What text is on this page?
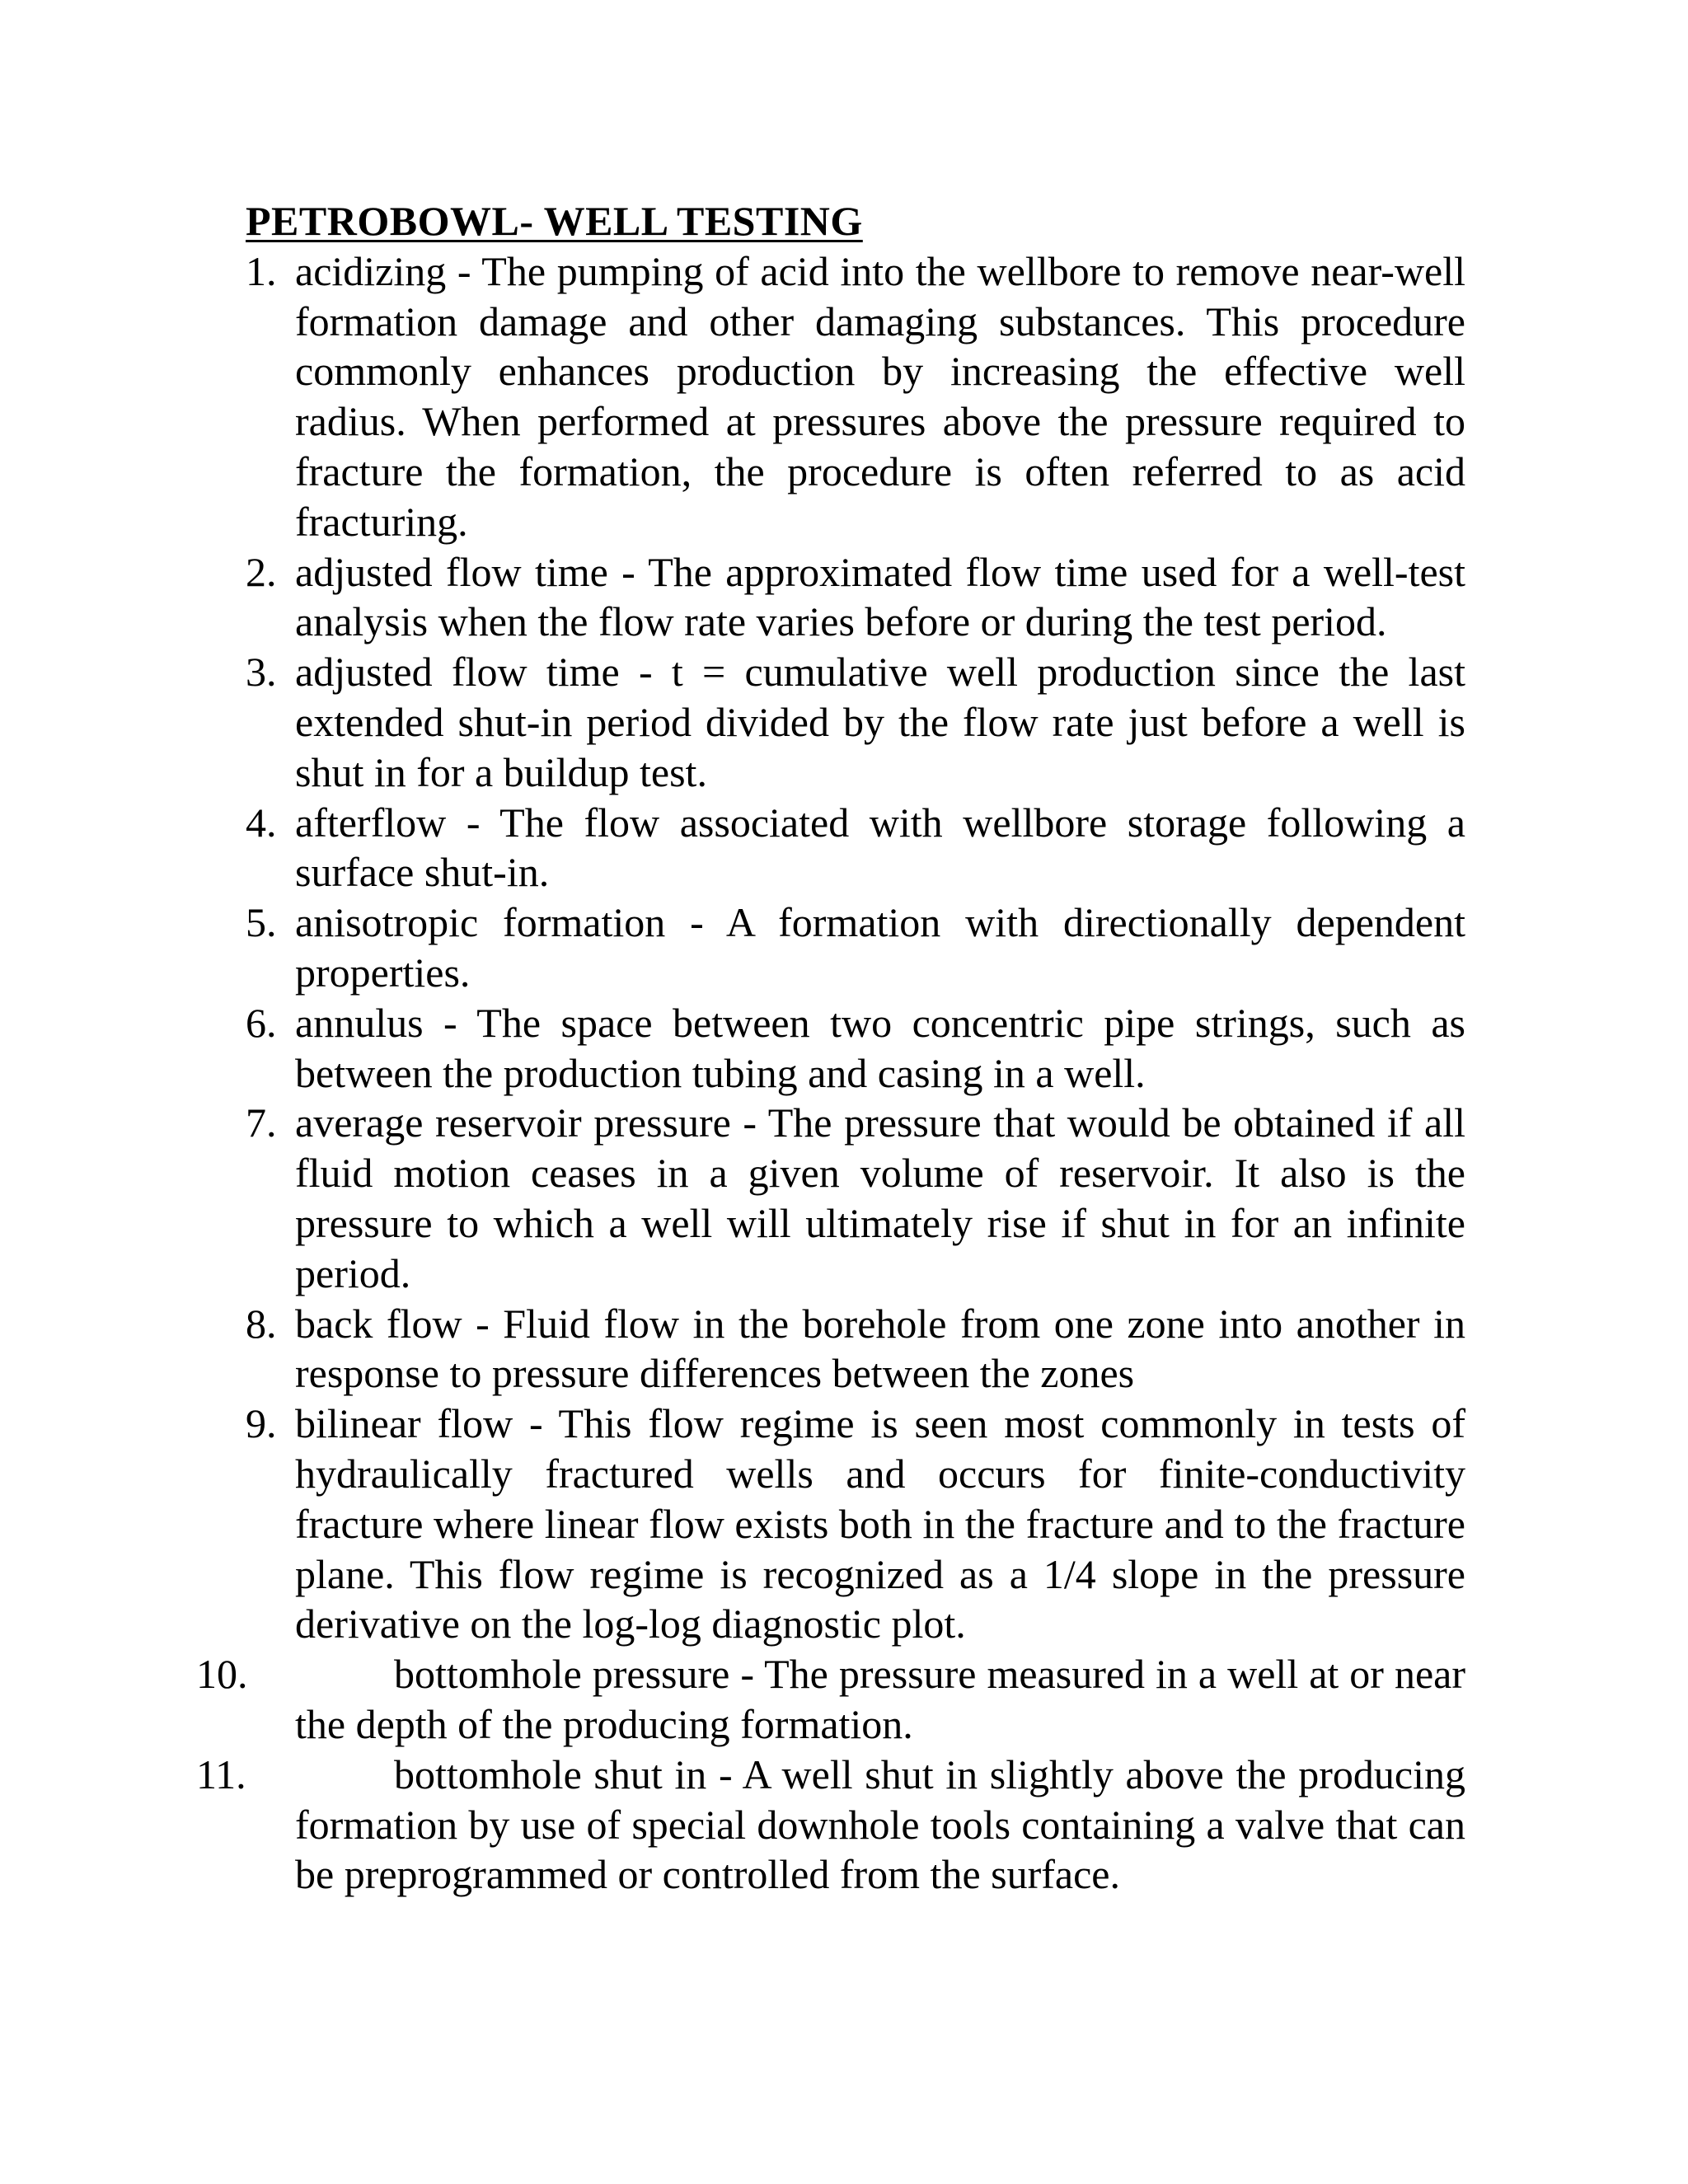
PETROBOWL- WELL TESTING
1. acidizing - The pumping of acid into the wellbore to remove near-well formation damage and other damaging substances. This procedure commonly enhances production by increasing the effective well radius. When performed at pressures above the pressure required to fracture the formation, the procedure is often referred to as acid fracturing.
2. adjusted flow time - The approximated flow time used for a well-test analysis when the flow rate varies before or during the test period.
3. adjusted flow time - t = cumulative well production since the last extended shut-in period divided by the flow rate just before a well is shut in for a buildup test.
4. afterflow - The flow associated with wellbore storage following a surface shut-in.
5. anisotropic formation - A formation with directionally dependent properties.
6. annulus - The space between two concentric pipe strings, such as between the production tubing and casing in a well.
7. average reservoir pressure - The pressure that would be obtained if all fluid motion ceases in a given volume of reservoir. It also is the pressure to which a well will ultimately rise if shut in for an infinite period.
8. back flow - Fluid flow in the borehole from one zone into another in response to pressure differences between the zones
9. bilinear flow - This flow regime is seen most commonly in tests of hydraulically fractured wells and occurs for finite-conductivity fracture where linear flow exists both in the fracture and to the fracture plane. This flow regime is recognized as a 1/4 slope in the pressure derivative on the log-log diagnostic plot.
10.	bottomhole pressure - The pressure measured in a well at or near the depth of the producing formation.
11.	bottomhole shut in - A well shut in slightly above the producing formation by use of special downhole tools containing a valve that can be preprogrammed or controlled from the surface.
